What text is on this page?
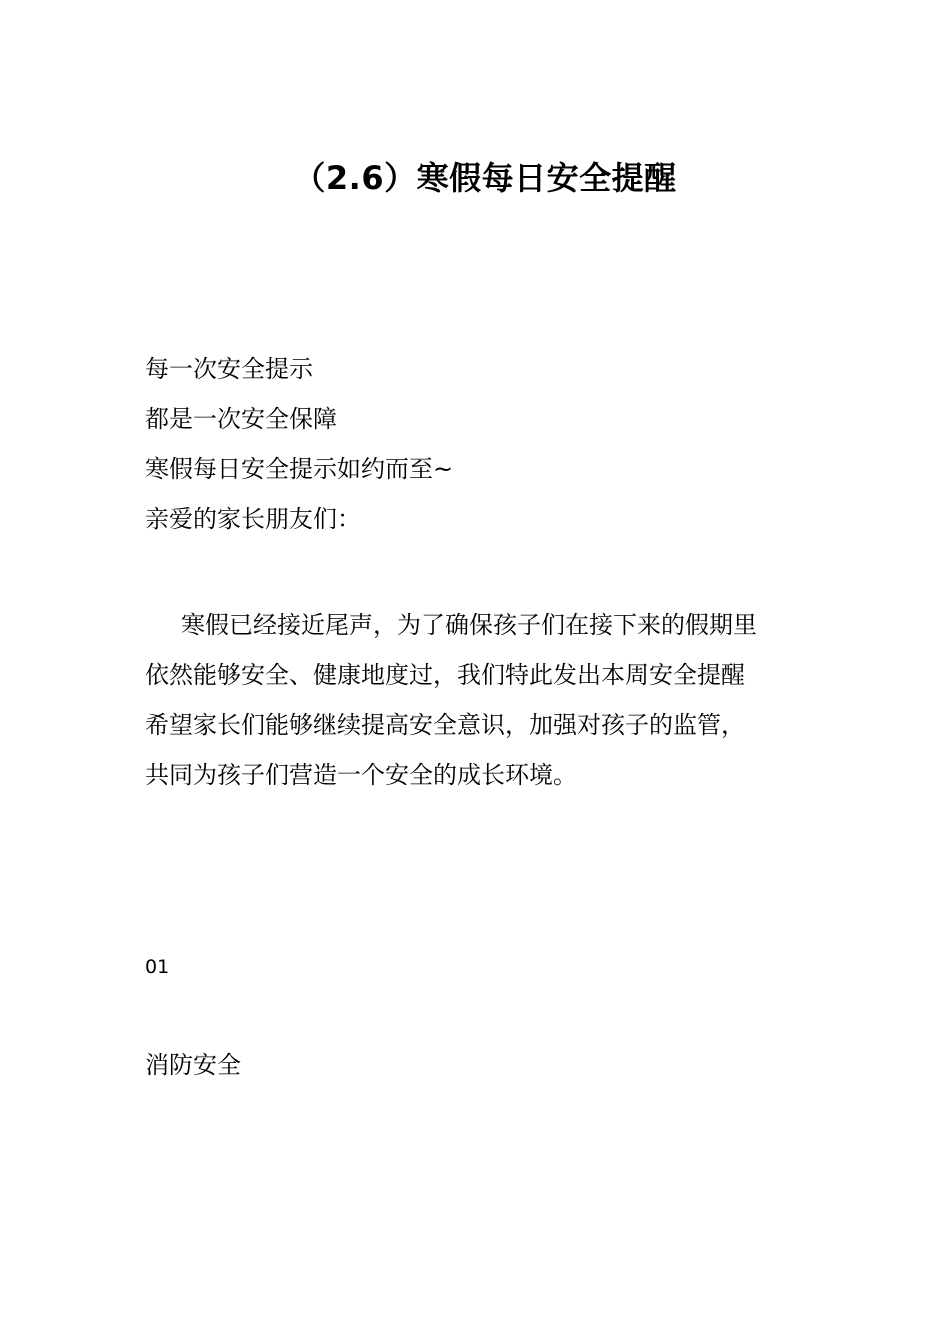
（2.6）寒假每日安全提醒

每一次安全提示

都是一次安全保障

寒假每日安全提示如约而至~

亲爱的家长朋友们：

寒假已经接近尾声，为了确保孩子们在接下来的假期里
依然能够安全、健康地度过，我们特此发出本周安全提醒
希望家长们能够继续提高安全意识，加强对孩子的监管，
共同为孩子们营造一个安全的成长环境。

01

消防安全
